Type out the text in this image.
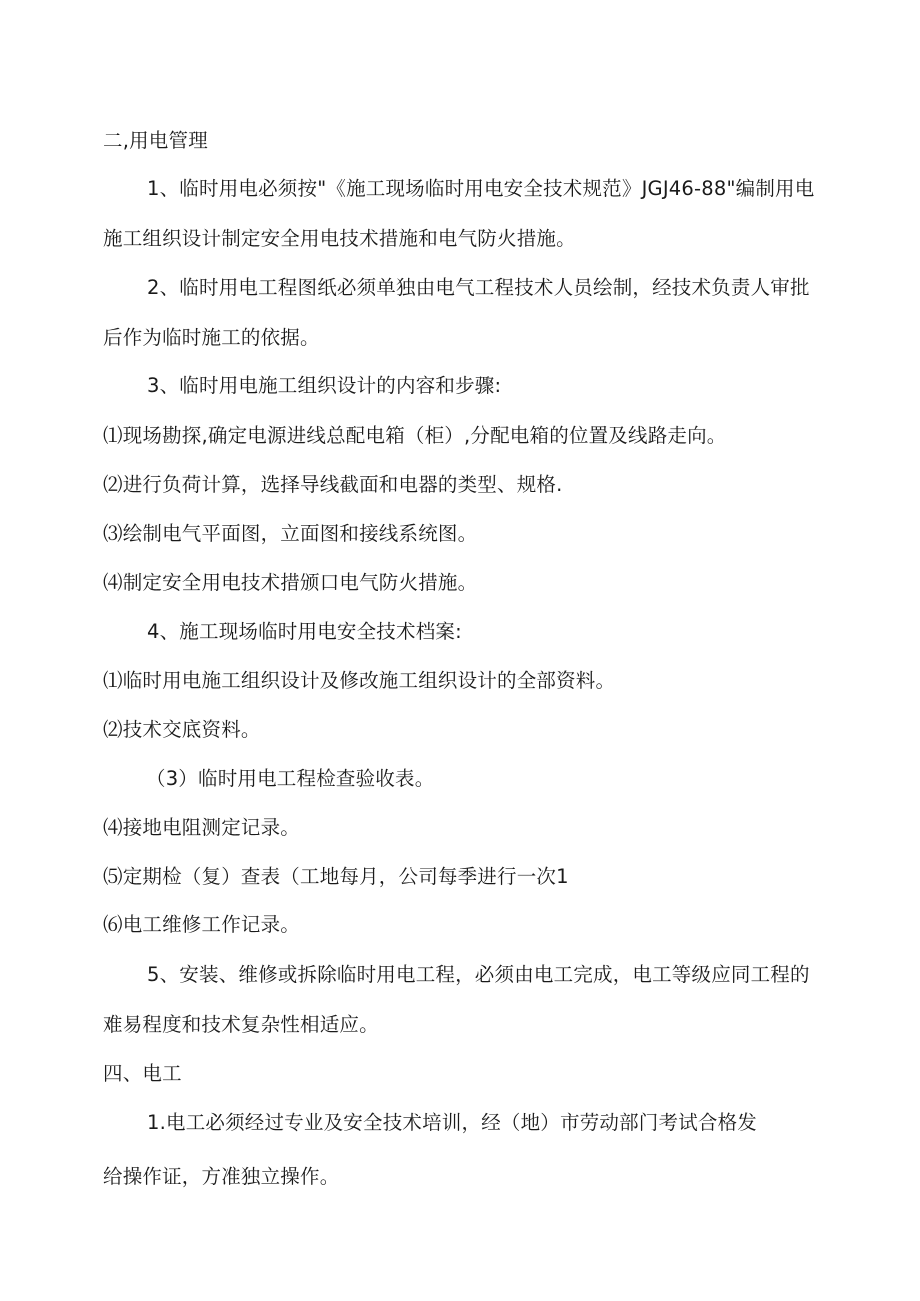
二,用电管理
1、临时用电必须按"《施工现场临时用电安全技术规范》JGJ46-88"编制用电
施工组织设计制定安全用电技术措施和电气防火措施。
2、临时用电工程图纸必须单独由电气工程技术人员绘制，经技术负责人审批
后作为临时施工的依据。
3、临时用电施工组织设计的内容和步骤:
⑴现场勘探,确定电源进线总配电箱（柜）,分配电箱的位置及线路走向。
⑵进行负荷计算，选择导线截面和电器的类型、规格.
⑶绘制电气平面图，立面图和接线系统图。
⑷制定安全用电技术措颁口电气防火措施。
4、施工现场临时用电安全技术档案:
⑴临时用电施工组织设计及修改施工组织设计的全部资料。
⑵技术交底资料。
（3）临时用电工程检查验收表。
⑷接地电阻测定记录。
⑸定期检（复）查表（工地每月，公司每季进行一次1
⑹电工维修工作记录。
5、安装、维修或拆除临时用电工程，必须由电工完成，电工等级应同工程的
难易程度和技术复杂性相适应。
四、电工
1.电工必须经过专业及安全技术培训，经（地）市劳动部门考试合格发
给操作证，方准独立操作。
